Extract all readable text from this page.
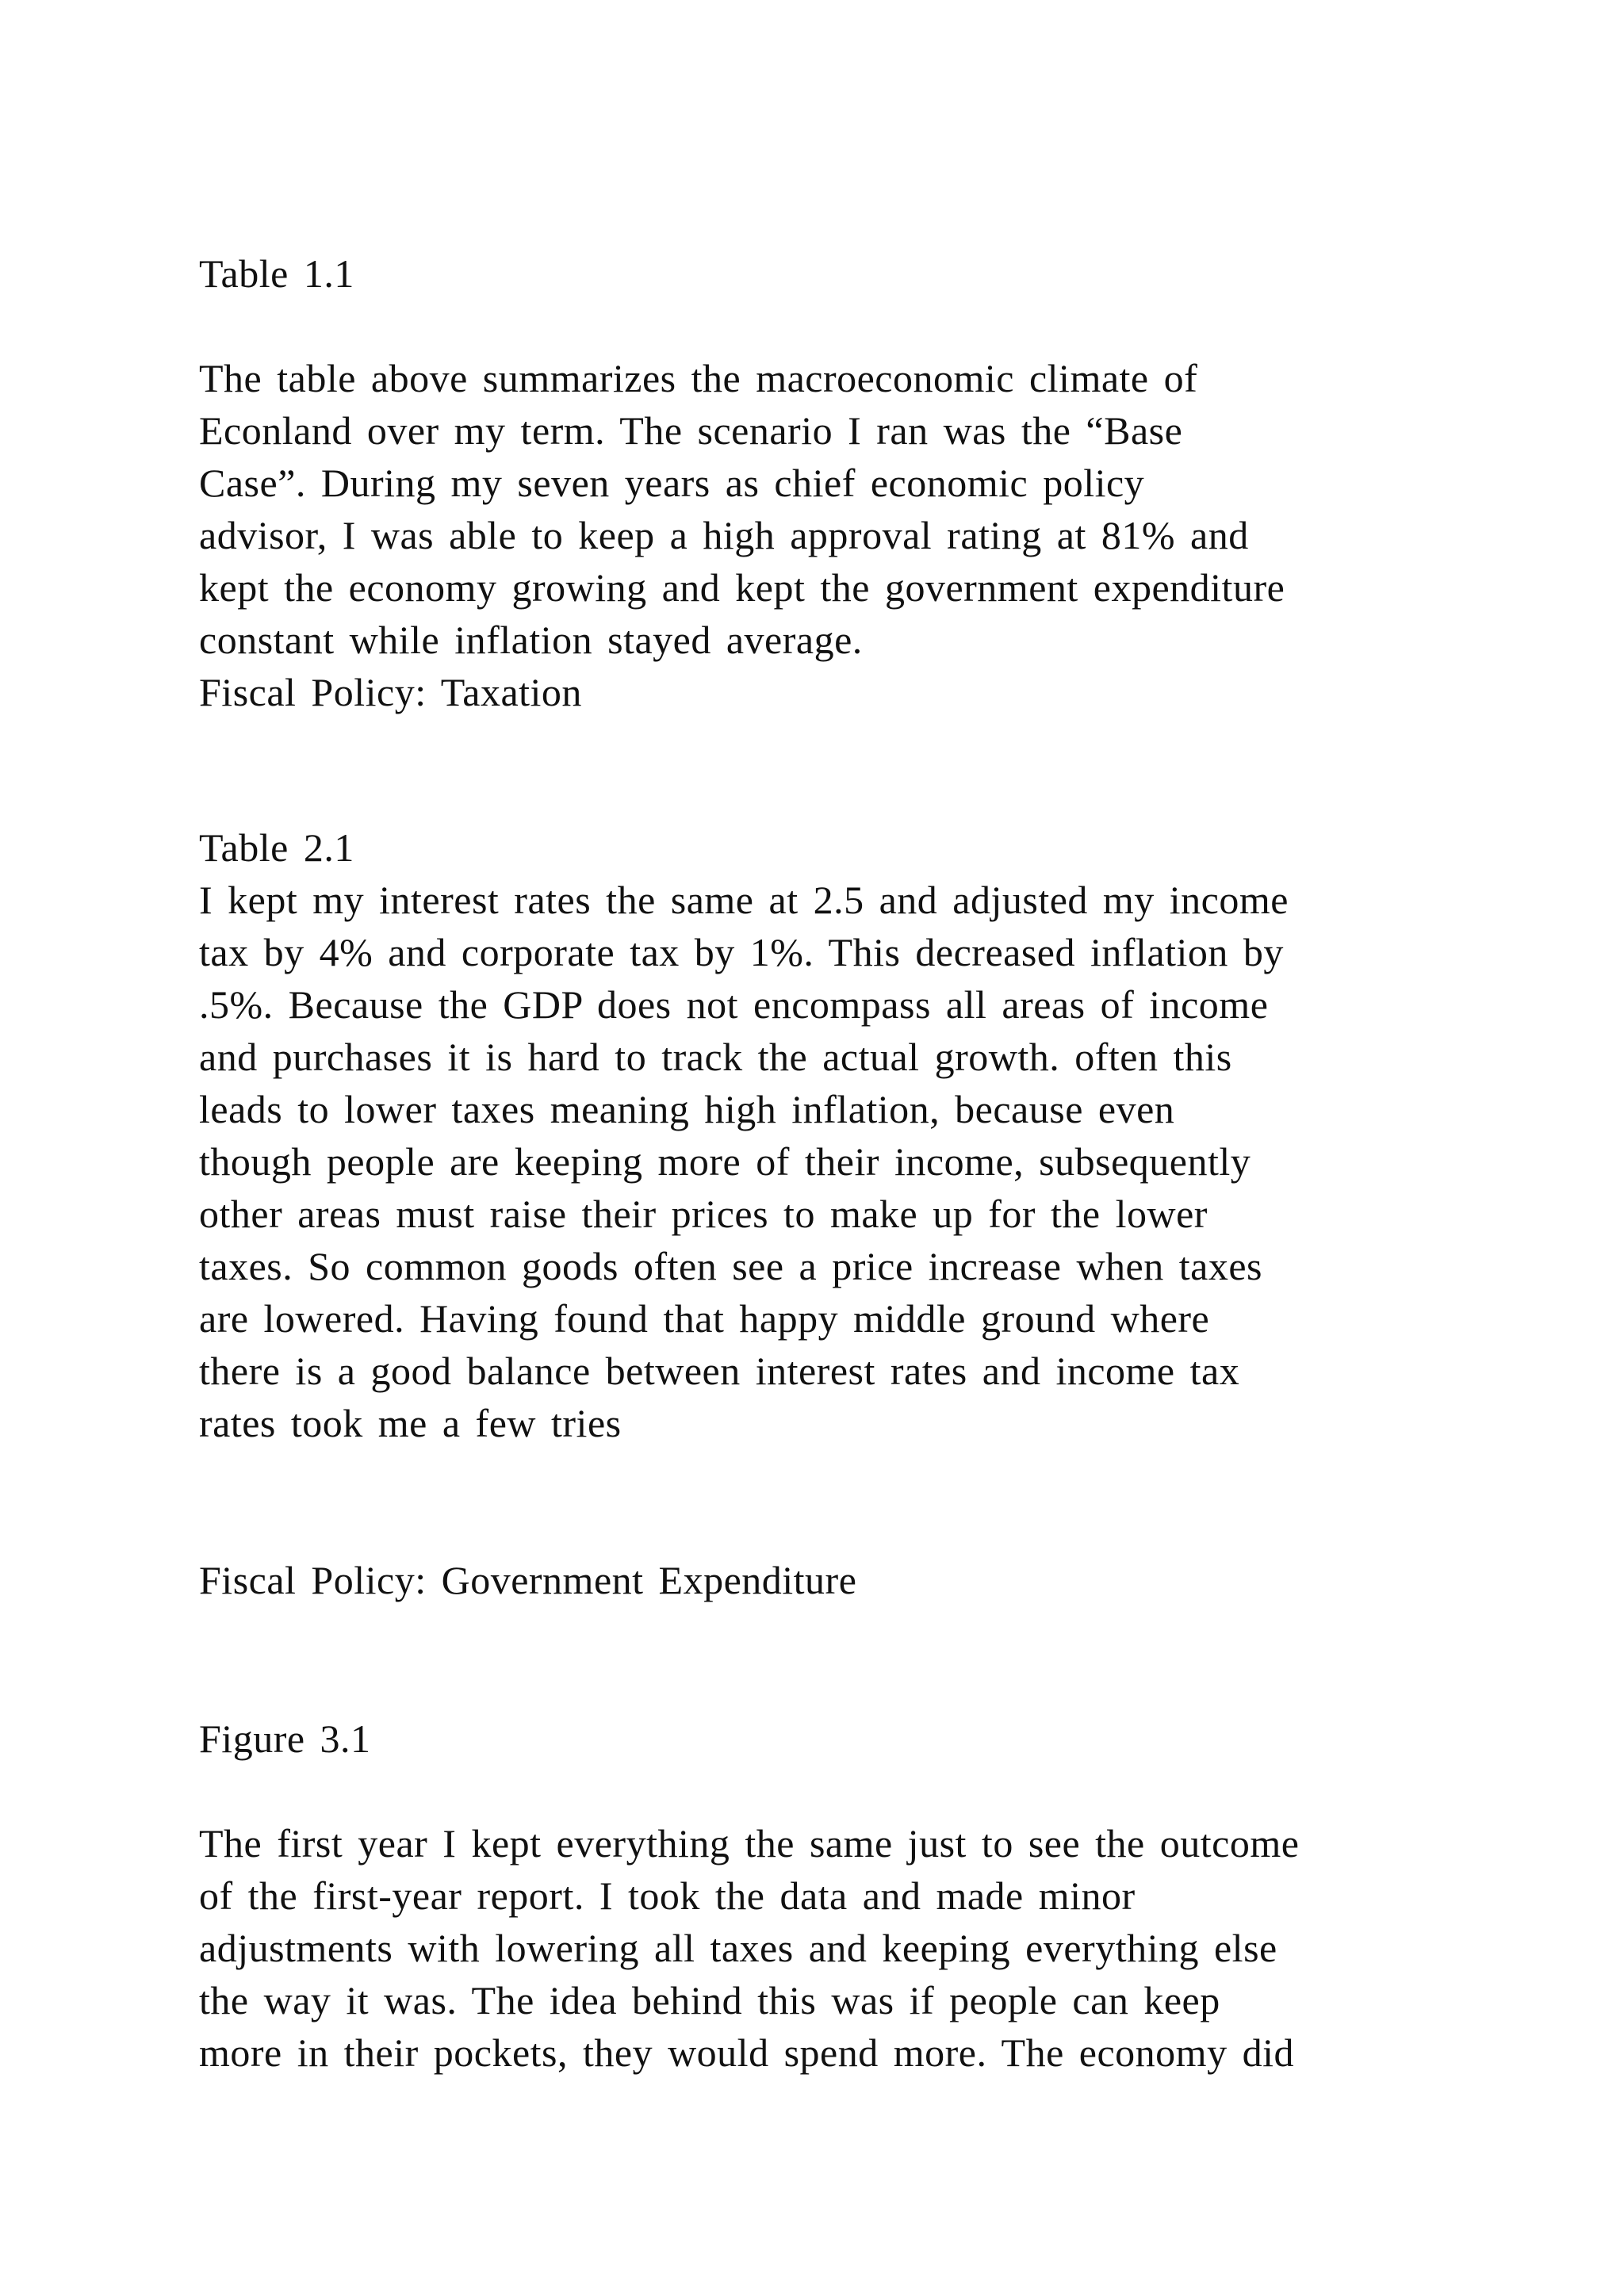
Table 1.1

The table above summarizes the macroeconomic climate of

Econland over my term. The scenario I ran was the “Base

Case”. During my seven years as chief economic policy

advisor, I was able to keep a high approval rating at 81% and

kept the economy growing and kept the government expenditure

constant while inflation stayed average.

Fiscal Policy: Taxation

Table 2.1

I kept my interest rates the same at 2.5 and adjusted my income

tax by 4% and corporate tax by 1%. This decreased inflation by

.5%. Because the GDP does not encompass all areas of income

and purchases it is hard to track the actual growth. often this

leads to lower taxes meaning high inflation, because even

though people are keeping more of their income, subsequently

other areas must raise their prices to make up for the lower

taxes. So common goods often see a price increase when taxes

are lowered. Having found that happy middle ground where

there is a good balance between interest rates and income tax

rates took me a few tries

Fiscal Policy: Government Expenditure

Figure 3.1

The first year I kept everything the same just to see the outcome

of the first-year report. I took the data and made minor

adjustments with lowering all taxes and keeping everything else

the way it was. The idea behind this was if people can keep

more in their pockets, they would spend more. The economy did
